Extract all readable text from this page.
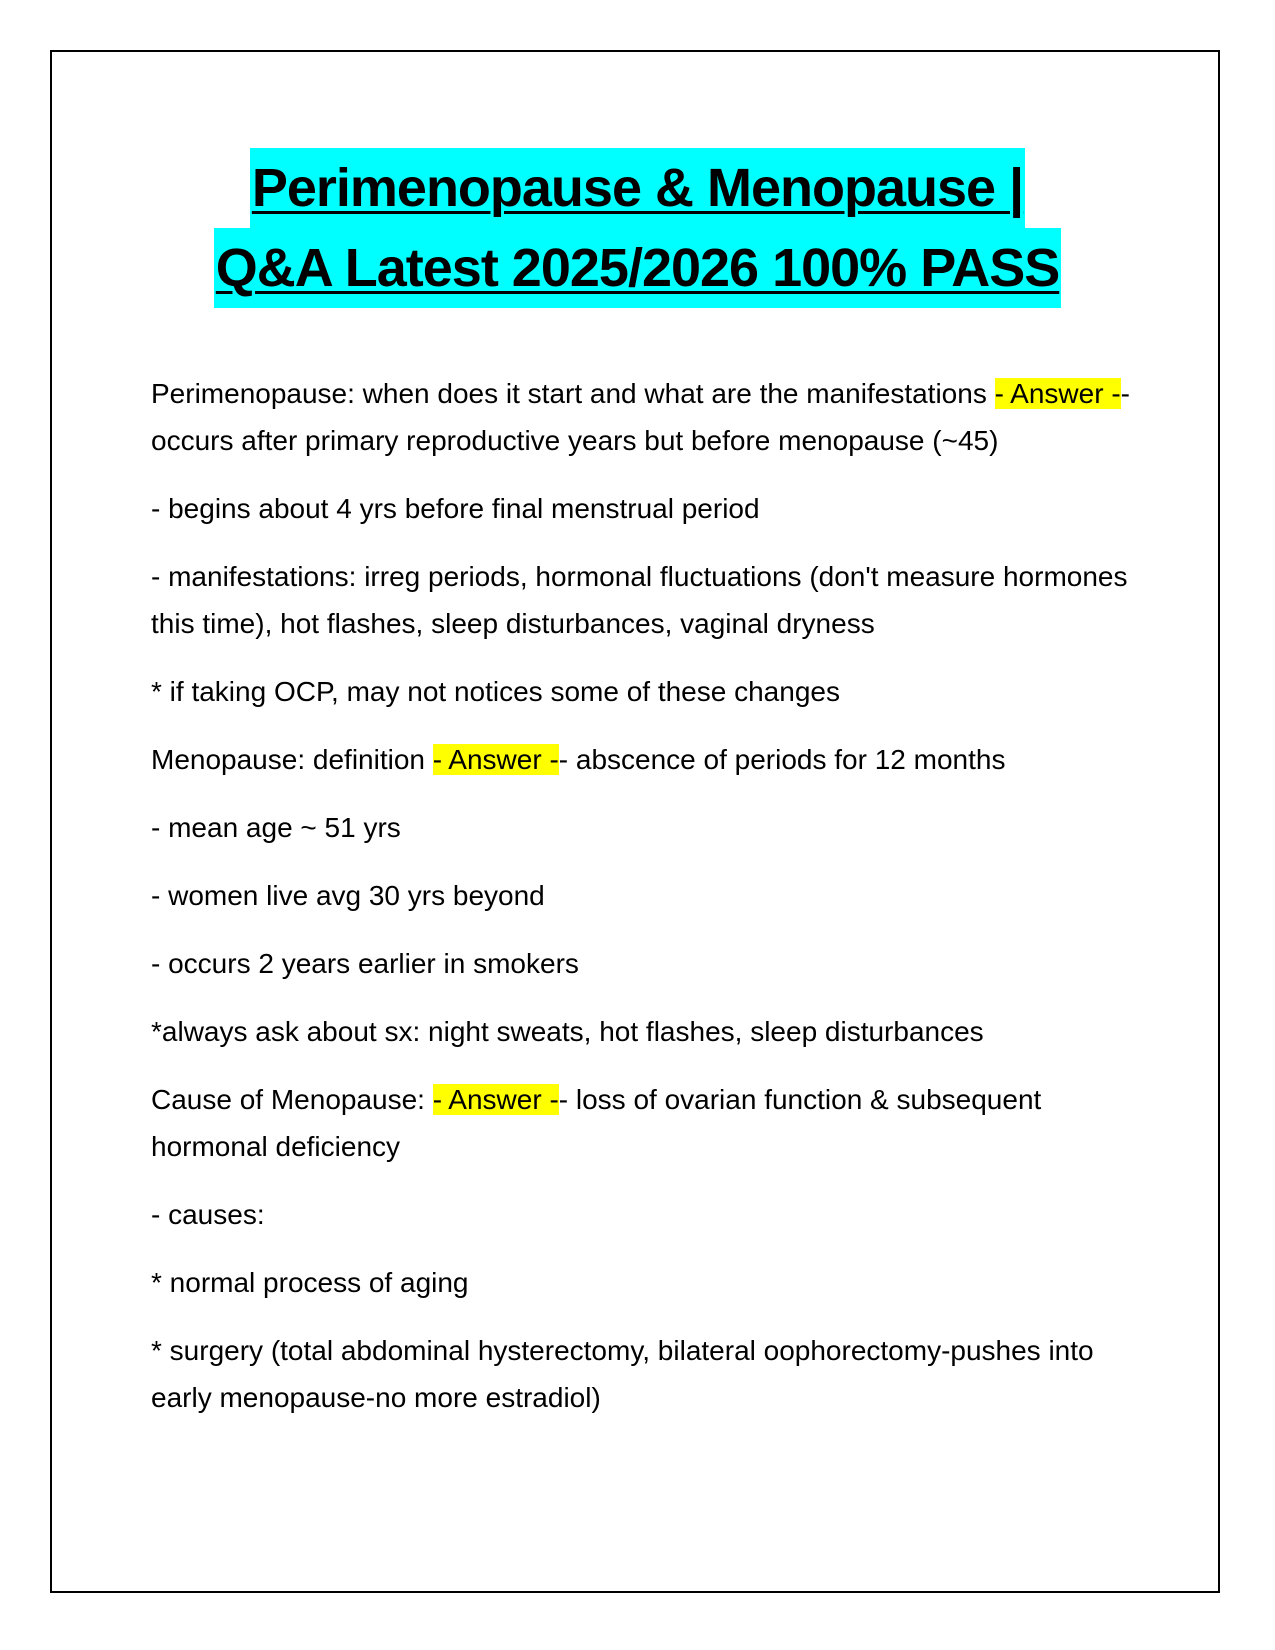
Perimenopause & Menopause |
Q&A Latest 2025/2026 100% PASS

Perimenopause: when does it start and what are the manifestations - Answer -- occurs after primary reproductive years but before menopause (~45)

- begins about 4 yrs before final menstrual period

- manifestations: irreg periods, hormonal fluctuations (don't measure hormones this time), hot flashes, sleep disturbances, vaginal dryness

* if taking OCP, may not notices some of these changes

Menopause: definition - Answer -- abscence of periods for 12 months

- mean age ~ 51 yrs

- women live avg 30 yrs beyond

- occurs 2 years earlier in smokers

*always ask about sx: night sweats, hot flashes, sleep disturbances

Cause of Menopause: - Answer -- loss of ovarian function & subsequent hormonal deficiency

- causes:

* normal process of aging

* surgery (total abdominal hysterectomy, bilateral oophorectomy-pushes into early menopause-no more estradiol)
